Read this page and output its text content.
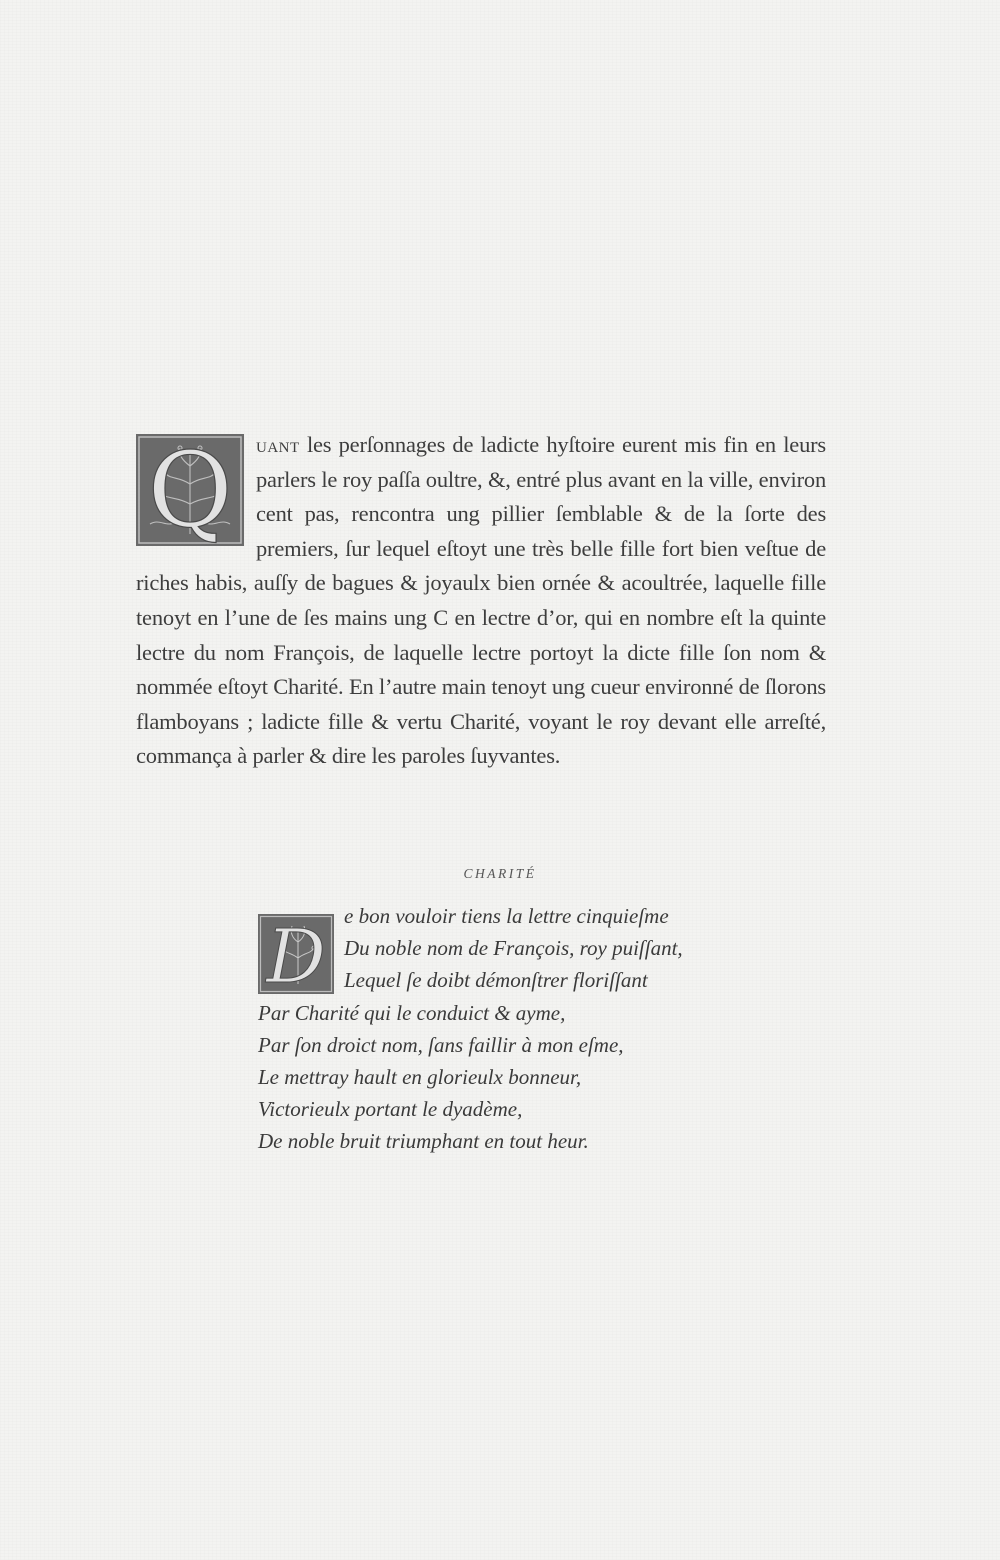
Q uant les perſonnages de ladicte hyſtoire eurent mis fin en leurs parlers le roy paſſa oultre, &, entré plus avant en la ville, environ cent pas, rencontra ung pillier ſemblable & de la ſorte des premiers, ſur lequel eſtoyt une très belle fille fort bien veſtue de riches habis, auſſy de bagues & joyaulx bien ornée & acoultrée, laquelle fille tenoyt en l’une de ſes mains ung C en lectre d’or, qui en nombre eſt la quinte lectre du nom François, de laquelle lectre portoyt la dicte fille ſon nom & nommée eſtoyt Charité. En l’autre main tenoyt ung cueur environné de ſlorons flamboyans ; ladicte fille & vertu Charité, voyant le roy devant elle arreſté, commança à parler & dire les paroles ſuyvantes.
CHARITÉ
D e bon vouloir tiens la lettre cinquieſme
Du noble nom de François, roy puiſſant,
Lequel ſe doibt démonſtrer floriſſant
Par Charité qui le conduict & ayme,
Par ſon droict nom, ſans faillir à mon eſme,
Le mettray hault en glorieulx bonneur,
Victorieulx portant le dyadème,
De noble bruit triumphant en tout heur.
